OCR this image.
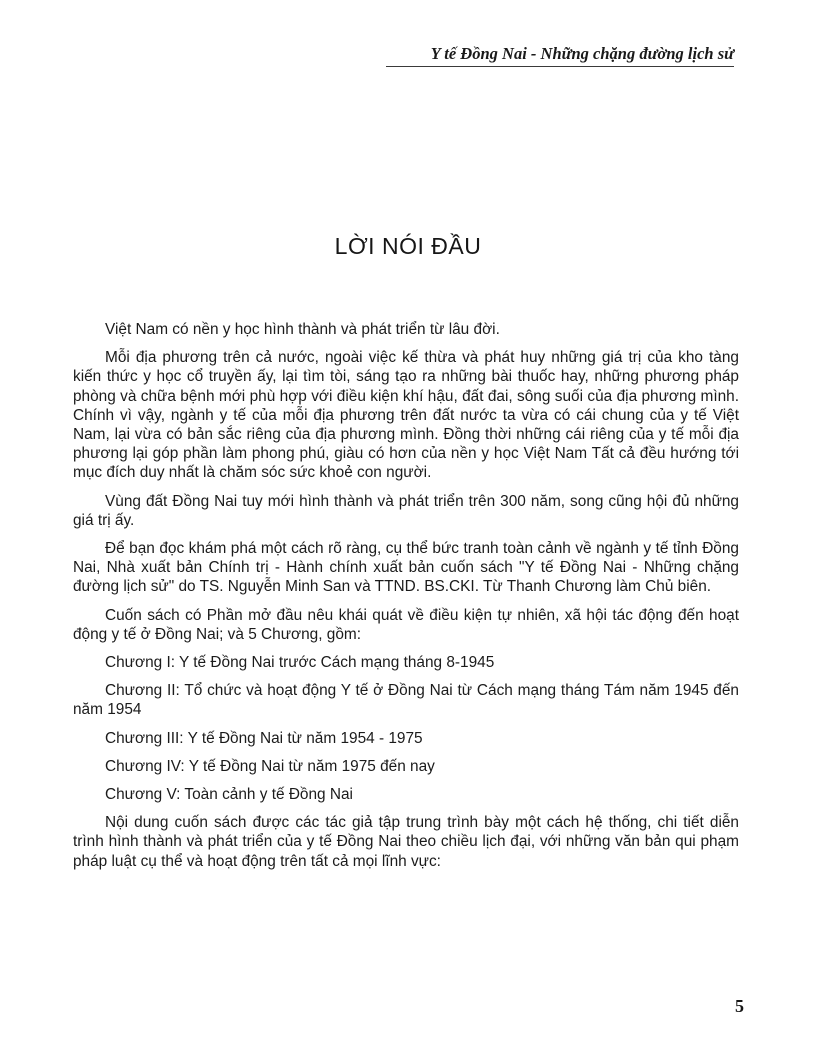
Y tế Đồng Nai - Những chặng đường lịch sử
LỜI NÓI ĐẦU

Việt Nam có nền y học hình thành và phát triển từ lâu đời.

Mỗi địa phương trên cả nước, ngoài việc kế thừa và phát huy những giá trị của kho tàng kiến thức y học cổ truyền ấy, lại tìm tòi, sáng tạo ra những bài thuốc hay, những phương pháp phòng và chữa bệnh mới phù hợp với điều kiện khí hậu, đất đai, sông suối của địa phương mình. Chính vì vậy, ngành y tế của mỗi địa phương trên đất nước ta vừa có cái chung của y tế Việt Nam, lại vừa có bản sắc riêng của địa phương mình. Đồng thời những cái riêng của y tế mỗi địa phương lại góp phần làm phong phú, giàu có hơn của nền y học Việt Nam Tất cả đều hướng tới mục đích duy nhất là chăm sóc sức khoẻ con người.

Vùng đất Đồng Nai tuy mới hình thành và phát triển trên 300 năm, song cũng hội đủ những giá trị ấy.

Để bạn đọc khám phá một cách rõ ràng, cụ thể bức tranh toàn cảnh về ngành y tế tỉnh Đồng Nai, Nhà xuất bản Chính trị - Hành chính xuất bản cuốn sách "Y tế Đồng Nai - Những chặng đường lịch sử" do TS. Nguyễn Minh San và TTND. BS.CKI. Từ Thanh Chương làm Chủ biên.

Cuốn sách có Phần mở đầu nêu khái quát về điều kiện tự nhiên, xã hội tác động đến hoạt động y tế ở Đồng Nai; và 5 Chương, gồm:

Chương I: Y tế Đồng Nai trước Cách mạng tháng 8-1945

Chương II: Tổ chức và hoạt động Y tế ở Đồng Nai từ Cách mạng tháng Tám năm 1945 đến năm 1954

Chương III: Y tế Đồng Nai từ năm 1954 - 1975

Chương IV: Y tế Đồng Nai từ năm 1975 đến nay

Chương V: Toàn cảnh y tế Đồng Nai

Nội dung cuốn sách được các tác giả tập trung trình bày một cách hệ thống, chi tiết diễn trình hình thành và phát triển của y tế Đồng Nai theo chiều lịch đại, với những văn bản qui phạm pháp luật cụ thể và hoạt động trên tất cả mọi lĩnh vực:

5
